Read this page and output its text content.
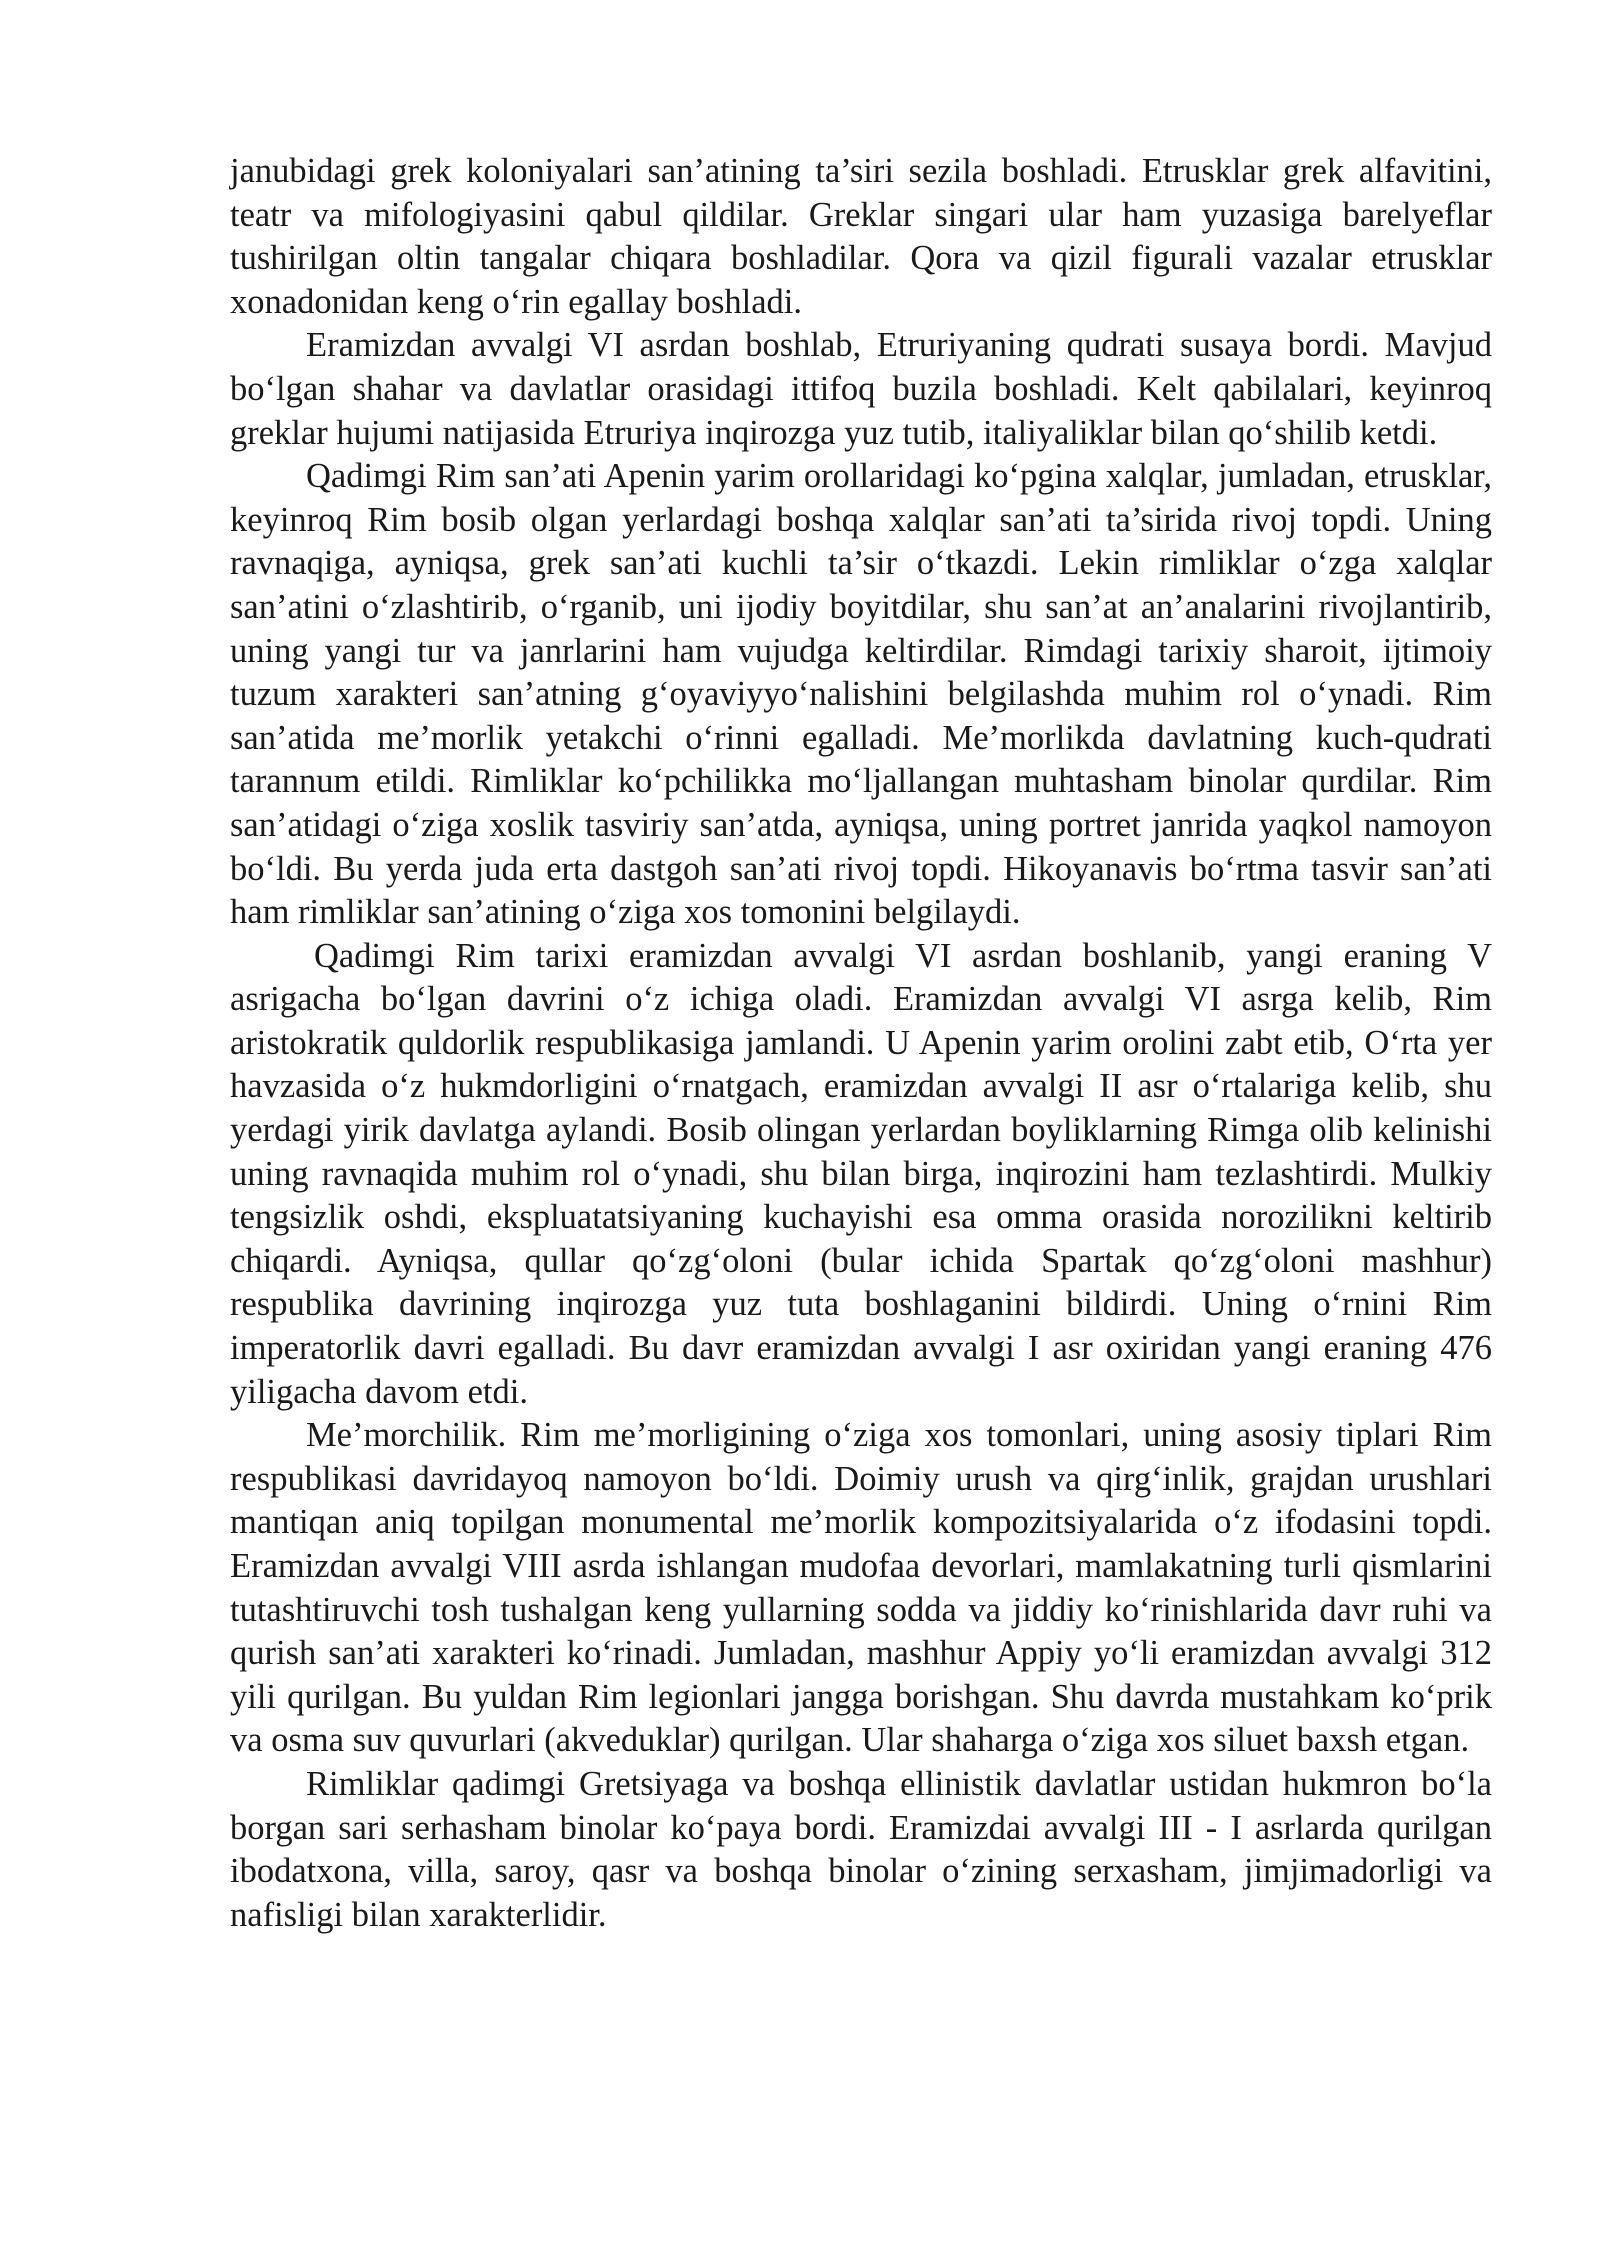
janubidagi grek koloniyalari san’atining ta’siri sezila boshladi. Etrusklar grek alfavitini, teatr va mifologiyasini qabul qildilar. Greklar singari ular ham yuzasiga barelyeflar tushirilgan oltin tangalar chiqara boshladilar. Qora va qizil figurali vazalar etrusklar xonadonidan keng o‘rin egallay boshladi.

Eramizdan avvalgi VI asrdan boshlab, Etruriyaning qudrati susaya bordi. Mavjud bo‘lgan shahar va davlatlar orasidagi ittifoq buzila boshladi. Kelt qabilalari, keyinroq greklar hujumi natijasida Etruriya inqirozga yuz tutib, italiyaliklar bilan qo‘shilib ketdi.

Qadimgi Rim san’ati Apenin yarim orollaridagi ko‘pgina xalqlar, jumladan, etrusklar, keyinroq Rim bosib olgan yerlardagi boshqa xalqlar san’ati ta’sirida rivoj topdi. Uning ravnaqiga, ayniqsa, grek san’ati kuchli ta’sir o‘tkazdi. Lekin rimliklar o‘zga xalqlar san’atini o‘zlashtirib, o‘rganib, uni ijodiy boyitdilar, shu san’at an’analarini rivojlantirib, uning yangi tur va janrlarini ham vujudga keltirdilar. Rimdagi tarixiy sharoit, ijtimoiy tuzum xarakteri san’atning g‘oyaviyyo‘nalishini belgilashda muhim rol o‘ynadi. Rim san’atida me’morlik yetakchi o‘rinni egalladi. Me’morlikda davlatning kuch-qudrati tarannum etildi. Rimliklar ko‘pchilikka mo‘ljallangan muhtasham binolar qurdilar. Rim san’atidagi o‘ziga xoslik tasviriy san’atda, ayniqsa, uning portret janrida yaqkol namoyon bo‘ldi. Bu yerda juda erta dastgoh san’ati rivoj topdi. Hikoyanavis bo‘rtma tasvir san’ati ham rimliklar san’atining o‘ziga xos tomonini belgilaydi.

Qadimgi Rim tarixi eramizdan avvalgi VI asrdan boshlanib, yangi eraning V asrigacha bo‘lgan davrini o‘z ichiga oladi. Eramizdan avvalgi VI asrga kelib, Rim aristokratik quldorlik respublikasiga jamlandi. U Apenin yarim orolini zabt etib, O‘rta yer havzasida o‘z hukmdorligini o‘rnatgach, eramizdan avvalgi II asr o‘rtalariga kelib, shu yerdagi yirik davlatga aylandi. Bosib olingan yerlardan boyliklarning Rimga olib kelinishi uning ravnaqida muhim rol o‘ynadi, shu bilan birga, inqirozini ham tezlashtirdi. Mulkiy tengsizlik oshdi, ekspluatatsiyaning kuchayishi esa omma orasida norozilikni keltirib chiqardi. Ayniqsa, qullar qo‘zg‘oloni (bular ichida Spartak qo‘zg‘oloni mashhur) respublika davrining inqirozga yuz tuta boshlaganini bildirdi. Uning o‘rnini Rim imperatorlik davri egalladi. Bu davr eramizdan avvalgi I asr oxiridan yangi eraning 476 yiligacha davom etdi.

Me’morchilik. Rim me’morligining o‘ziga xos tomonlari, uning asosiy tiplari Rim respublikasi davridayoq namoyon bo‘ldi. Doimiy urush va qirg‘inlik, grajdan urushlari mantiqan aniq topilgan monumental me’morlik kompozitsiyalarida o‘z ifodasini topdi. Eramizdan avvalgi VIII asrda ishlangan mudofaa devorlari, mamlakatning turli qismlarini tutashtiruvchi tosh tushalgan keng yullarning sodda va jiddiy ko‘rinishlarida davr ruhi va qurish san’ati xarakteri ko‘rinadi. Jumladan, mashhur Appiy yo‘li eramizdan avvalgi 312 yili qurilgan. Bu yuldan Rim legionlari jangga borishgan. Shu davrda mustahkam ko‘prik va osma suv quvurlari (akveduklar) qurilgan. Ular shaharga o‘ziga xos siluet baxsh etgan.

Rimliklar qadimgi Gretsiyaga va boshqa ellinistik davlatlar ustidan hukmron bo‘la borgan sari serhasham binolar ko‘paya bordi. Eramizdai avvalgi III - I asrlarda qurilgan ibodatxona, villa, saroy, qasr va boshqa binolar o‘zining serxasham, jimjimadorligi va nafisligi bilan xarakterlidir.
